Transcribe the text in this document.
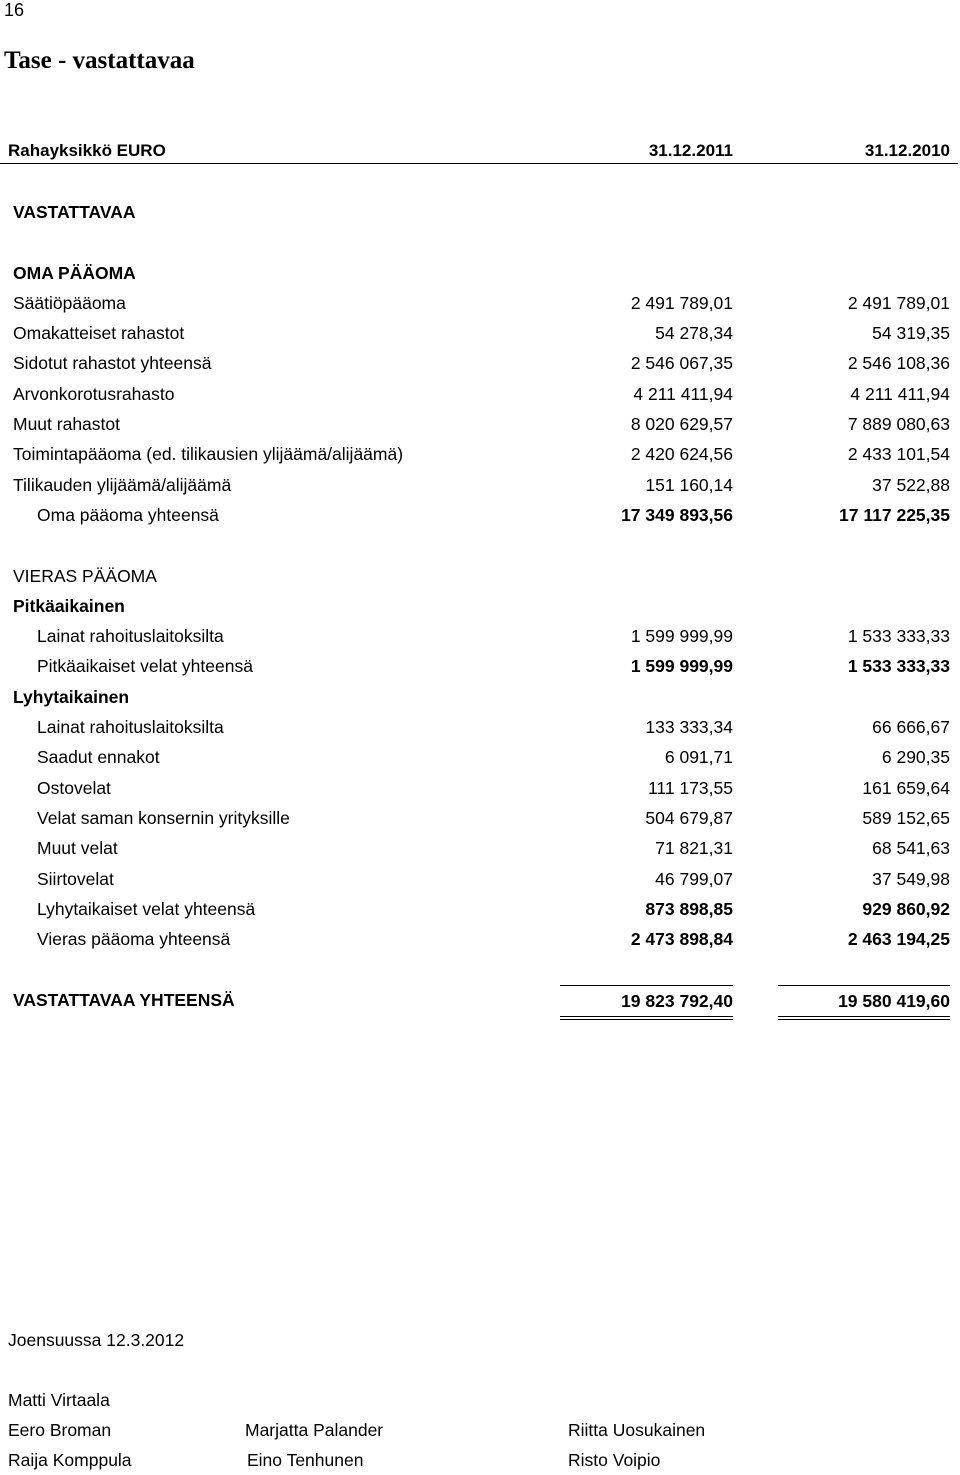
16
Tase - vastattavaa
Rahayksikkö EURO	31.12.2011	31.12.2010
VASTATTAVAA
OMA PÄÄOMA
Säätiöpääoma	2 491 789,01	2 491 789,01
Omakatteiset rahastot	54 278,34	54 319,35
Sidotut rahastot yhteensä	2 546 067,35	2 546 108,36
Arvonkorotusrahasto	4 211 411,94	4 211 411,94
Muut rahastot	8 020 629,57	7 889 080,63
Toimintapääoma (ed. tilikausien ylijäämä/alijäämä)	2 420 624,56	2 433 101,54
Tilikauden ylijäämä/alijäämä	151 160,14	37 522,88
Oma pääoma yhteensä	17 349 893,56	17 117 225,35
VIERAS PÄÄOMA
Pitkäaikainen
Lainat rahoituslaitoksilta	1 599 999,99	1 533 333,33
Pitkäaikaiset velat yhteensä	1 599 999,99	1 533 333,33
Lyhytaikainen
Lainat rahoituslaitoksilta	133 333,34	66 666,67
Saadut ennakot	6 091,71	6 290,35
Ostovelat	111 173,55	161 659,64
Velat saman konsernin yrityksille	504 679,87	589 152,65
Muut velat	71 821,31	68 541,63
Siirtovelat	46 799,07	37 549,98
Lyhytaikaiset velat yhteensä	873 898,85	929 860,92
Vieras pääoma yhteensä	2 473 898,84	2 463 194,25
VASTATTAVAA YHTEENSÄ	19 823 792,40	19 580 419,60
Joensuussa 12.3.2012
Matti Virtaala
Eero Broman	Marjatta Palander	Riitta Uosukainen
Raija Komppula	Eino Tenhunen	Risto Voipio
